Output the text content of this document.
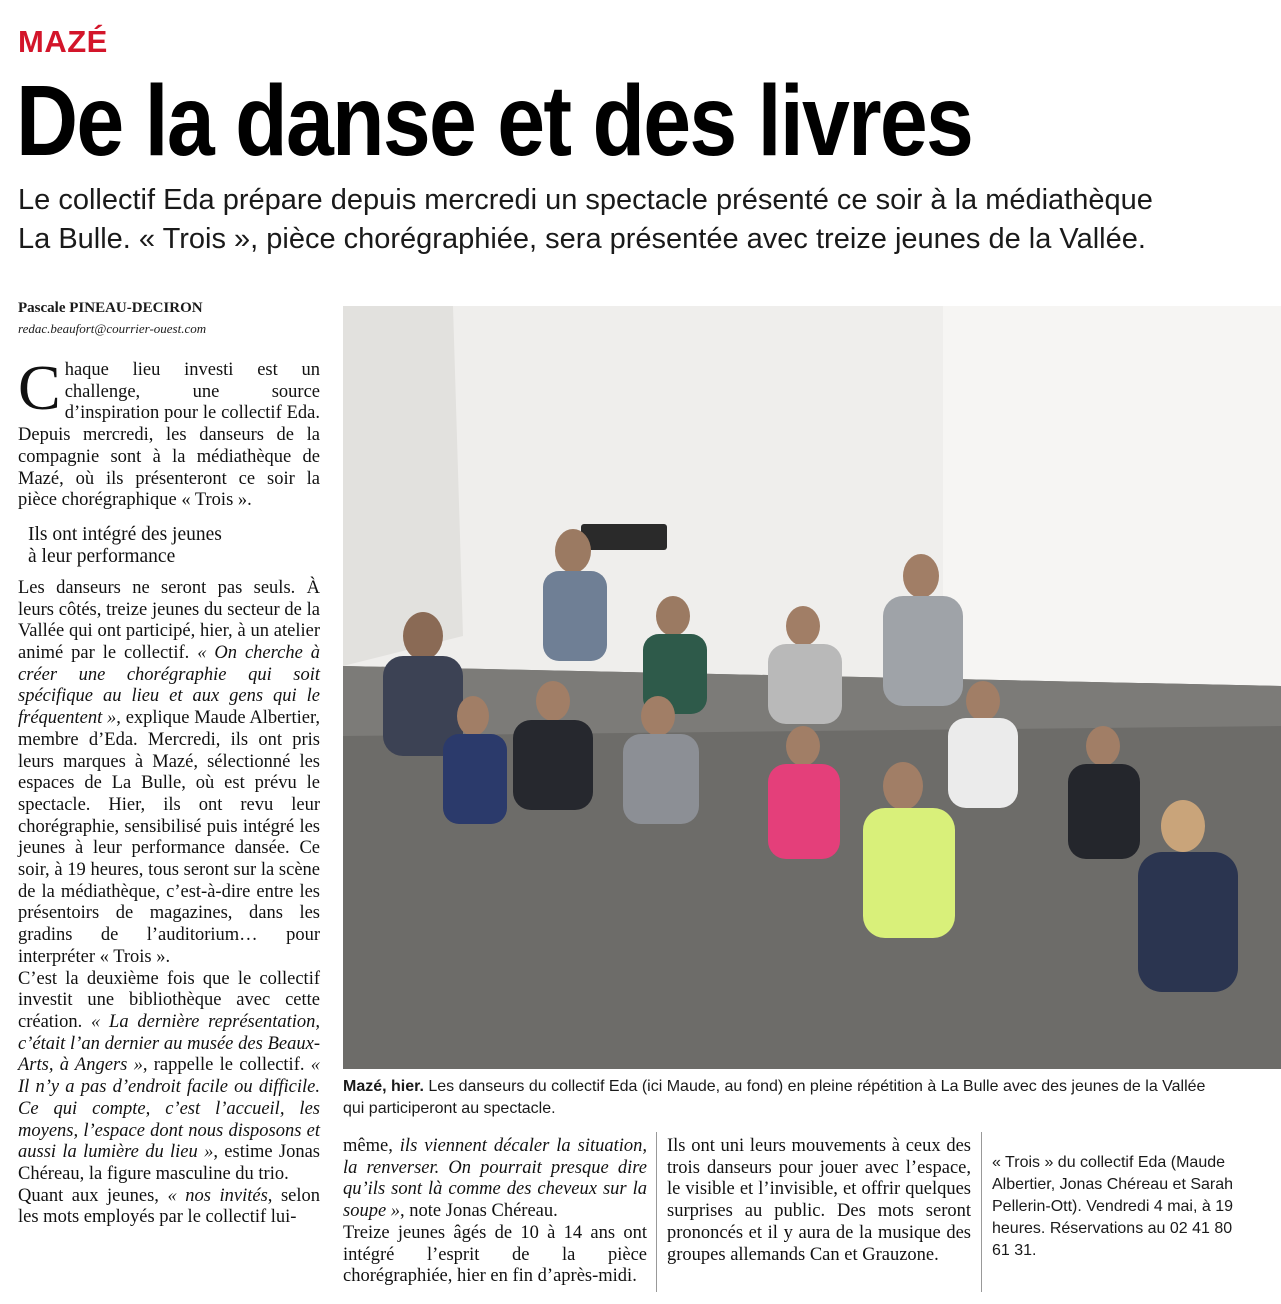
MAZÉ
De la danse et des livres

Le collectif Eda prépare depuis mercredi un spectacle présenté ce soir à la médiathèque

La Bulle. « Trois », pièce chorégraphiée, sera présentée avec treize jeunes de la Vallée.

Pascale PINEAU-DECIRON
redac.beaufort@courrier-ouest.com

Chaque lieu investi est un challenge, une source d’inspiration pour le collectif Eda. Depuis mercredi, les danseurs de la compagnie sont à la médiathèque de Mazé, où ils présenteront ce soir la pièce chorégraphique « Trois ».

Ils ont intégré des jeunes
à leur performance

Les danseurs ne seront pas seuls. À leurs côtés, treize jeunes du secteur de la Vallée qui ont participé, hier, à un atelier animé par le collectif. « On cherche à créer une chorégraphie qui soit spécifique au lieu et aux gens qui le fréquentent », explique Maude Albertier, membre d’Eda. Mercredi, ils ont pris leurs marques à Mazé, sélectionné les espaces de La Bulle, où est prévu le spectacle. Hier, ils ont revu leur chorégraphie, sensibilisé puis intégré les jeunes à leur performance dansée. Ce soir, à 19 heures, tous seront sur la scène de la médiathèque, c’est-à-dire entre les présentoirs de magazines, dans les gradins de l’auditorium… pour interpréter « Trois ».

C’est la deuxième fois que le collectif investit une bibliothèque avec cette création. « La dernière représentation, c’était l’an dernier au musée des Beaux-Arts, à Angers », rappelle le collectif. « Il n’y a pas d’endroit facile ou difficile. Ce qui compte, c’est l’accueil, les moyens, l’espace dont nous disposons et aussi la lumière du lieu », estime Jonas Chéreau, la figure masculine du trio.

Quant aux jeunes, « nos invités, selon les mots employés par le collectif lui-

Mazé, hier. Les danseurs du collectif Eda (ici Maude, au fond) en pleine répétition à La Bulle avec des jeunes de la Vallée qui participeront au spectacle.

même, ils viennent décaler la situation, la renverser. On pourrait presque dire qu’ils sont là comme des cheveux sur la soupe », note Jonas Chéreau.

Treize jeunes âgés de 10 à 14 ans ont intégré l’esprit de la pièce chorégraphiée, hier en fin d’après-midi.

Ils ont uni leurs mouvements à ceux des trois danseurs pour jouer avec l’espace, le visible et l’invisible, et offrir quelques surprises au public. Des mots seront prononcés et il y aura de la musique des groupes allemands Can et Grauzone.

« Trois » du collectif Eda (Maude Albertier, Jonas Chéreau et Sarah Pellerin-Ott). Vendredi 4 mai, à 19 heures. Réservations au 02 41 80 61 31.
